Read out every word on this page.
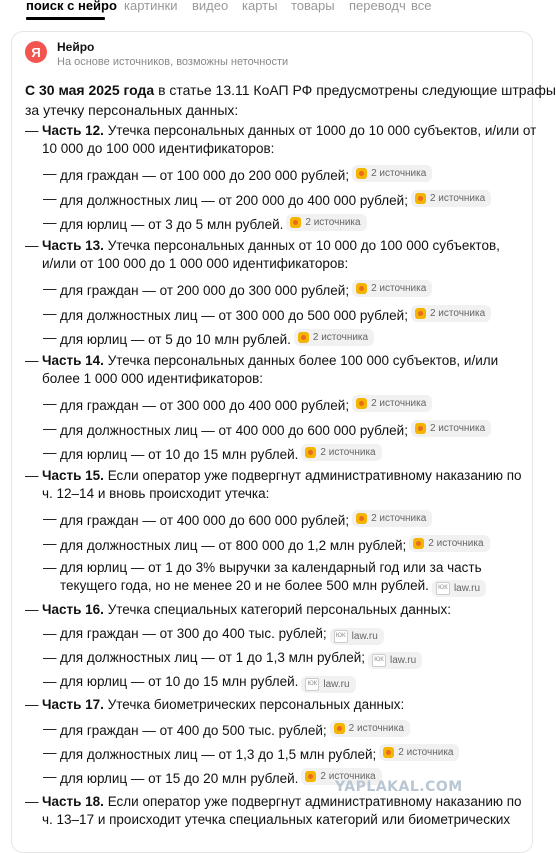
поиск с нейро картинки видео карты товары переводч все
Я Нейро
На основе источников, возможны неточности
С 30 мая 2025 года в статье 13.11 КоАП РФ предусмотрены следующие штрафы
за утечку персональных данных:
— Часть 12. Утечка персональных данных от 1000 до 10 000 субъектов, и/или от
10 000 до 100 000 идентификаторов:
— для граждан — от 100 000 до 200 000 рублей; 2 источника
— для должностных лиц — от 200 000 до 400 000 рублей; 2 источника
— для юрлиц — от 3 до 5 млн рублей. 2 источника
— Часть 13. Утечка персональных данных от 10 000 до 100 000 субъектов,
и/или от 100 000 до 1 000 000 идентификаторов:
— для граждан — от 200 000 до 300 000 рублей; 2 источника
— для должностных лиц — от 300 000 до 500 000 рублей; 2 источника
— для юрлиц — от 5 до 10 млн рублей. 2 источника
— Часть 14. Утечка персональных данных более 100 000 субъектов, и/или
более 1 000 000 идентификаторов:
— для граждан — от 300 000 до 400 000 рублей; 2 источника
— для должностных лиц — от 400 000 до 600 000 рублей; 2 источника
— для юрлиц — от 10 до 15 млн рублей. 2 источника
— Часть 15. Если оператор уже подвергнут административному наказанию по
ч. 12–14 и вновь происходит утечка:
— для граждан — от 400 000 до 600 000 рублей; 2 источника
— для должностных лиц — от 800 000 до 1,2 млн рублей; 2 источника
— для юрлиц — от 1 до 3% выручки за календарный год или за часть
текущего года, но не менее 20 и не более 500 млн рублей.	ЮК law.ru
— Часть 16. Утечка специальных категорий персональных данных:
— для граждан — от 300 до 400 тыс. рублей;	ЮК law.ru
— для должностных лиц — от 1 до 1,3 млн рублей;	ЮК law.ru
— для юрлиц — от 10 до 15 млн рублей.	ЮК law.ru
— Часть 17. Утечка биометрических персональных данных:
— для граждан — от 400 до 500 тыс. рублей; 2 источника
— для должностных лиц — от 1,3 до 1,5 млн рублей; 2 источника
— для юрлиц — от 15 до 20 млн рублей. 2 источника
— Часть 18. Если оператор уже подвергнут административному наказанию по
ч. 13–17 и происходит утечка специальных категорий или биометрических
YAPLAKAL.COM
